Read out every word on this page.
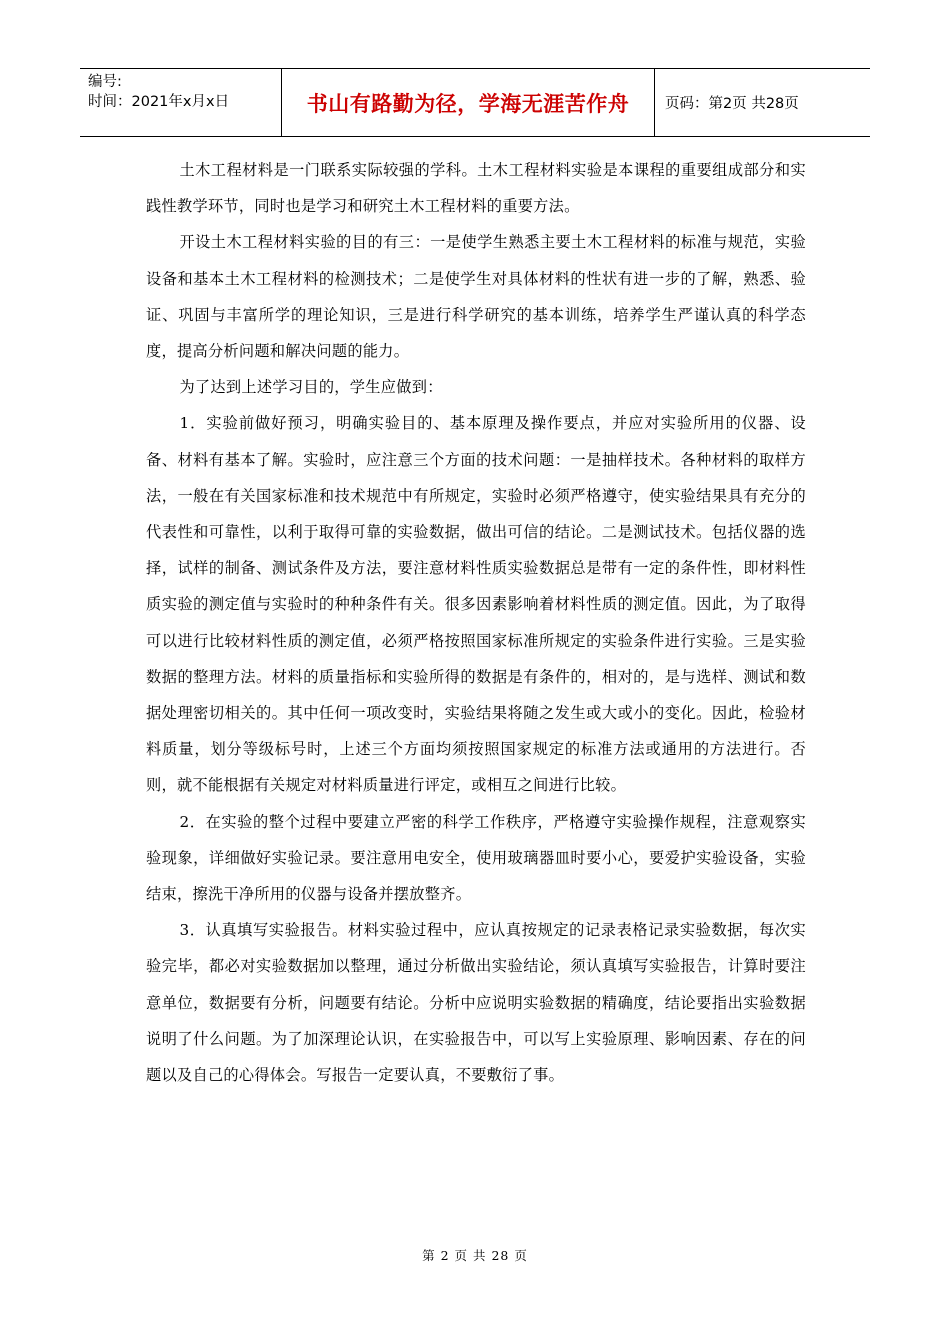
编号:
时间：2021年x月x日	书山有路勤为径，学海无涯苦作舟	页码：第2页 共28页

土木工程材料是一门联系实际较强的学科。土木工程材料实验是本课程的重要组成部分和实践性教学环节，同时也是学习和研究土木工程材料的重要方法。

开设土木工程材料实验的目的有三：一是使学生熟悉主要土木工程材料的标准与规范，实验设备和基本土木工程材料的检测技术；二是使学生对具体材料的性状有进一步的了解，熟悉、验证、巩固与丰富所学的理论知识，三是进行科学研究的基本训练，培养学生严谨认真的科学态度，提高分析问题和解决问题的能力。

为了达到上述学习目的，学生应做到：

1．实验前做好预习，明确实验目的、基本原理及操作要点，并应对实验所用的仪器、设备、材料有基本了解。实验时，应注意三个方面的技术问题：一是抽样技术。各种材料的取样方法，一般在有关国家标准和技术规范中有所规定，实验时必须严格遵守，使实验结果具有充分的代表性和可靠性，以利于取得可靠的实验数据，做出可信的结论。二是测试技术。包括仪器的选择，试样的制备、测试条件及方法，要注意材料性质实验数据总是带有一定的条件性，即材料性质实验的测定值与实验时的种种条件有关。很多因素影响着材料性质的测定值。因此，为了取得可以进行比较材料性质的测定值，必须严格按照国家标准所规定的实验条件进行实验。三是实验数据的整理方法。材料的质量指标和实验所得的数据是有条件的，相对的，是与选样、测试和数据处理密切相关的。其中任何一项改变时，实验结果将随之发生或大或小的变化。因此，检验材料质量，划分等级标号时，上述三个方面均须按照国家规定的标准方法或通用的方法进行。否则，就不能根据有关规定对材料质量进行评定，或相互之间进行比较。

2．在实验的整个过程中要建立严密的科学工作秩序，严格遵守实验操作规程，注意观察实验现象，详细做好实验记录。要注意用电安全，使用玻璃器皿时要小心，要爱护实验设备，实验结束，擦洗干净所用的仪器与设备并摆放整齐。

3．认真填写实验报告。材料实验过程中，应认真按规定的记录表格记录实验数据，每次实验完毕，都必对实验数据加以整理，通过分析做出实验结论，须认真填写实验报告，计算时要注意单位，数据要有分析，问题要有结论。分析中应说明实验数据的精确度，结论要指出实验数据说明了什么问题。为了加深理论认识，在实验报告中，可以写上实验原理、影响因素、存在的问题以及自己的心得体会。写报告一定要认真，不要敷衍了事。

第 2 页 共 28 页
